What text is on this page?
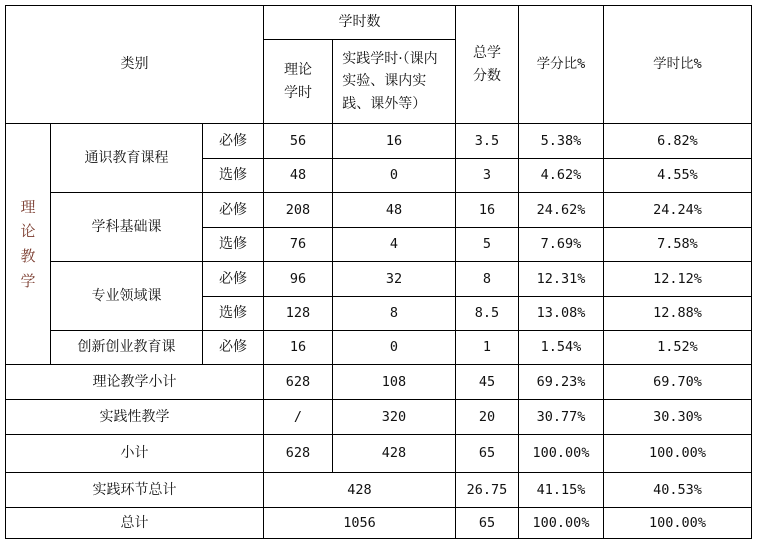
类别			学时数		总学分数	学分比%	学时比%

			理论学时	实践学时·（课内实验、课内实践、课外等）			

理论教学	通识教育课程	必修	56	16	3.5	5.38%	6.82%
		选修	48	0	3	4.62%	4.55%
	学科基础课	必修	208	48	16	24.62%	24.24%
		选修	76	4	5	7.69%	7.58%
	专业领域课	必修	96	32	8	12.31%	12.12%
		选修	128	8	8.5	13.08%	12.88%
	创新创业教育课	必修	16	0	1	1.54%	1.52%
理论教学小计			628	108	45	69.23%	69.70%
实践性教学			/	320	20	30.77%	30.30%
小计			628	428	65	100.00%	100.00%
实践环节总计			428		26.75	41.15%	40.53%
总计			1056		65	100.00%	100.00%
